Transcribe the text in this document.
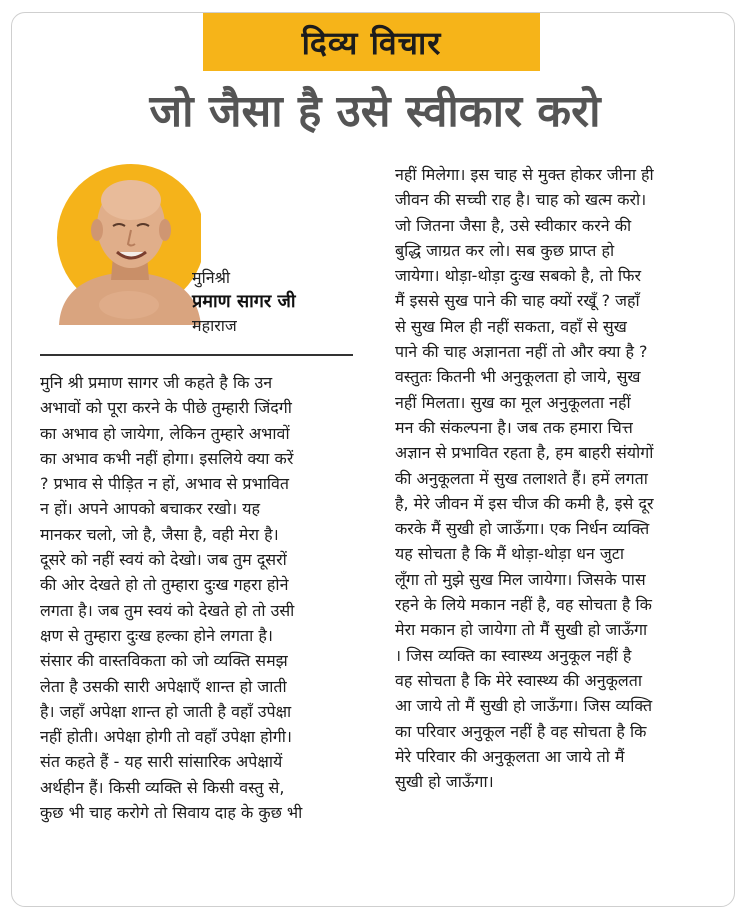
दिव्य विचार
जो जैसा है उसे स्वीकार करो
मुनिश्री
प्रमाण सागर जी
महाराज
मुनि श्री प्रमाण सागर जी कहते है कि उन
अभावों को पूरा करने के पीछे तुम्हारी जिंदगी
का अभाव हो जायेगा, लेकिन तुम्हारे अभावों
का अभाव कभी नहीं होगा। इसलिये क्या करें
? प्रभाव से पीड़ित न हों, अभाव से प्रभावित
न हों। अपने आपको बचाकर रखो। यह
मानकर चलो, जो है, जैसा है, वही मेरा है।
दूसरे को नहीं स्वयं को देखो। जब तुम दूसरों
की ओर देखते हो तो तुम्हारा दुःख गहरा होने
लगता है। जब तुम स्वयं को देखते हो तो उसी
क्षण से तुम्हारा दुःख हल्का होने लगता है।
संसार की वास्तविकता को जो व्यक्ति समझ
लेता है उसकी सारी अपेक्षाएँ शान्त हो जाती
है। जहाँ अपेक्षा शान्त हो जाती है वहाँ उपेक्षा
नहीं होती। अपेक्षा होगी तो वहाँ उपेक्षा होगी।
संत कहते हैं - यह सारी सांसारिक अपेक्षायें
अर्थहीन हैं। किसी व्यक्ति से किसी वस्तु से,
कुछ भी चाह करोगे तो सिवाय दाह के कुछ भी
नहीं मिलेगा। इस चाह से मुक्त होकर जीना ही
जीवन की सच्ची राह है। चाह को खत्म करो।
जो जितना जैसा है, उसे स्वीकार करने की
बुद्धि जाग्रत कर लो। सब कुछ प्राप्त हो
जायेगा। थोड़ा-थोड़ा दुःख सबको है, तो फिर
मैं इससे सुख पाने की चाह क्यों रखूँ ? जहाँ
से सुख मिल ही नहीं सकता, वहाँ से सुख
पाने की चाह अज्ञानता नहीं तो और क्या है ?
वस्तुतः कितनी भी अनुकूलता हो जाये, सुख
नहीं मिलता। सुख का मूल अनुकूलता नहीं
मन की संकल्पना है। जब तक हमारा चित्त
अज्ञान से प्रभावित रहता है, हम बाहरी संयोगों
की अनुकूलता में सुख तलाशते हैं। हमें लगता
है, मेरे जीवन में इस चीज की कमी है, इसे दूर
करके मैं सुखी हो जाऊँगा। एक निर्धन व्यक्ति
यह सोचता है कि मैं थोड़ा-थोड़ा धन जुटा
लूँगा तो मुझे सुख मिल जायेगा। जिसके पास
रहने के लिये मकान नहीं है, वह सोचता है कि
मेरा मकान हो जायेगा तो मैं सुखी हो जाऊँगा
। जिस व्यक्ति का स्वास्थ्य अनुकूल नहीं है
वह सोचता है कि मेरे स्वास्थ्य की अनुकूलता
आ जाये तो मैं सुखी हो जाऊँगा। जिस व्यक्ति
का परिवार अनुकूल नहीं है वह सोचता है कि
मेरे परिवार की अनुकूलता आ जाये तो मैं
सुखी हो जाऊँगा।
